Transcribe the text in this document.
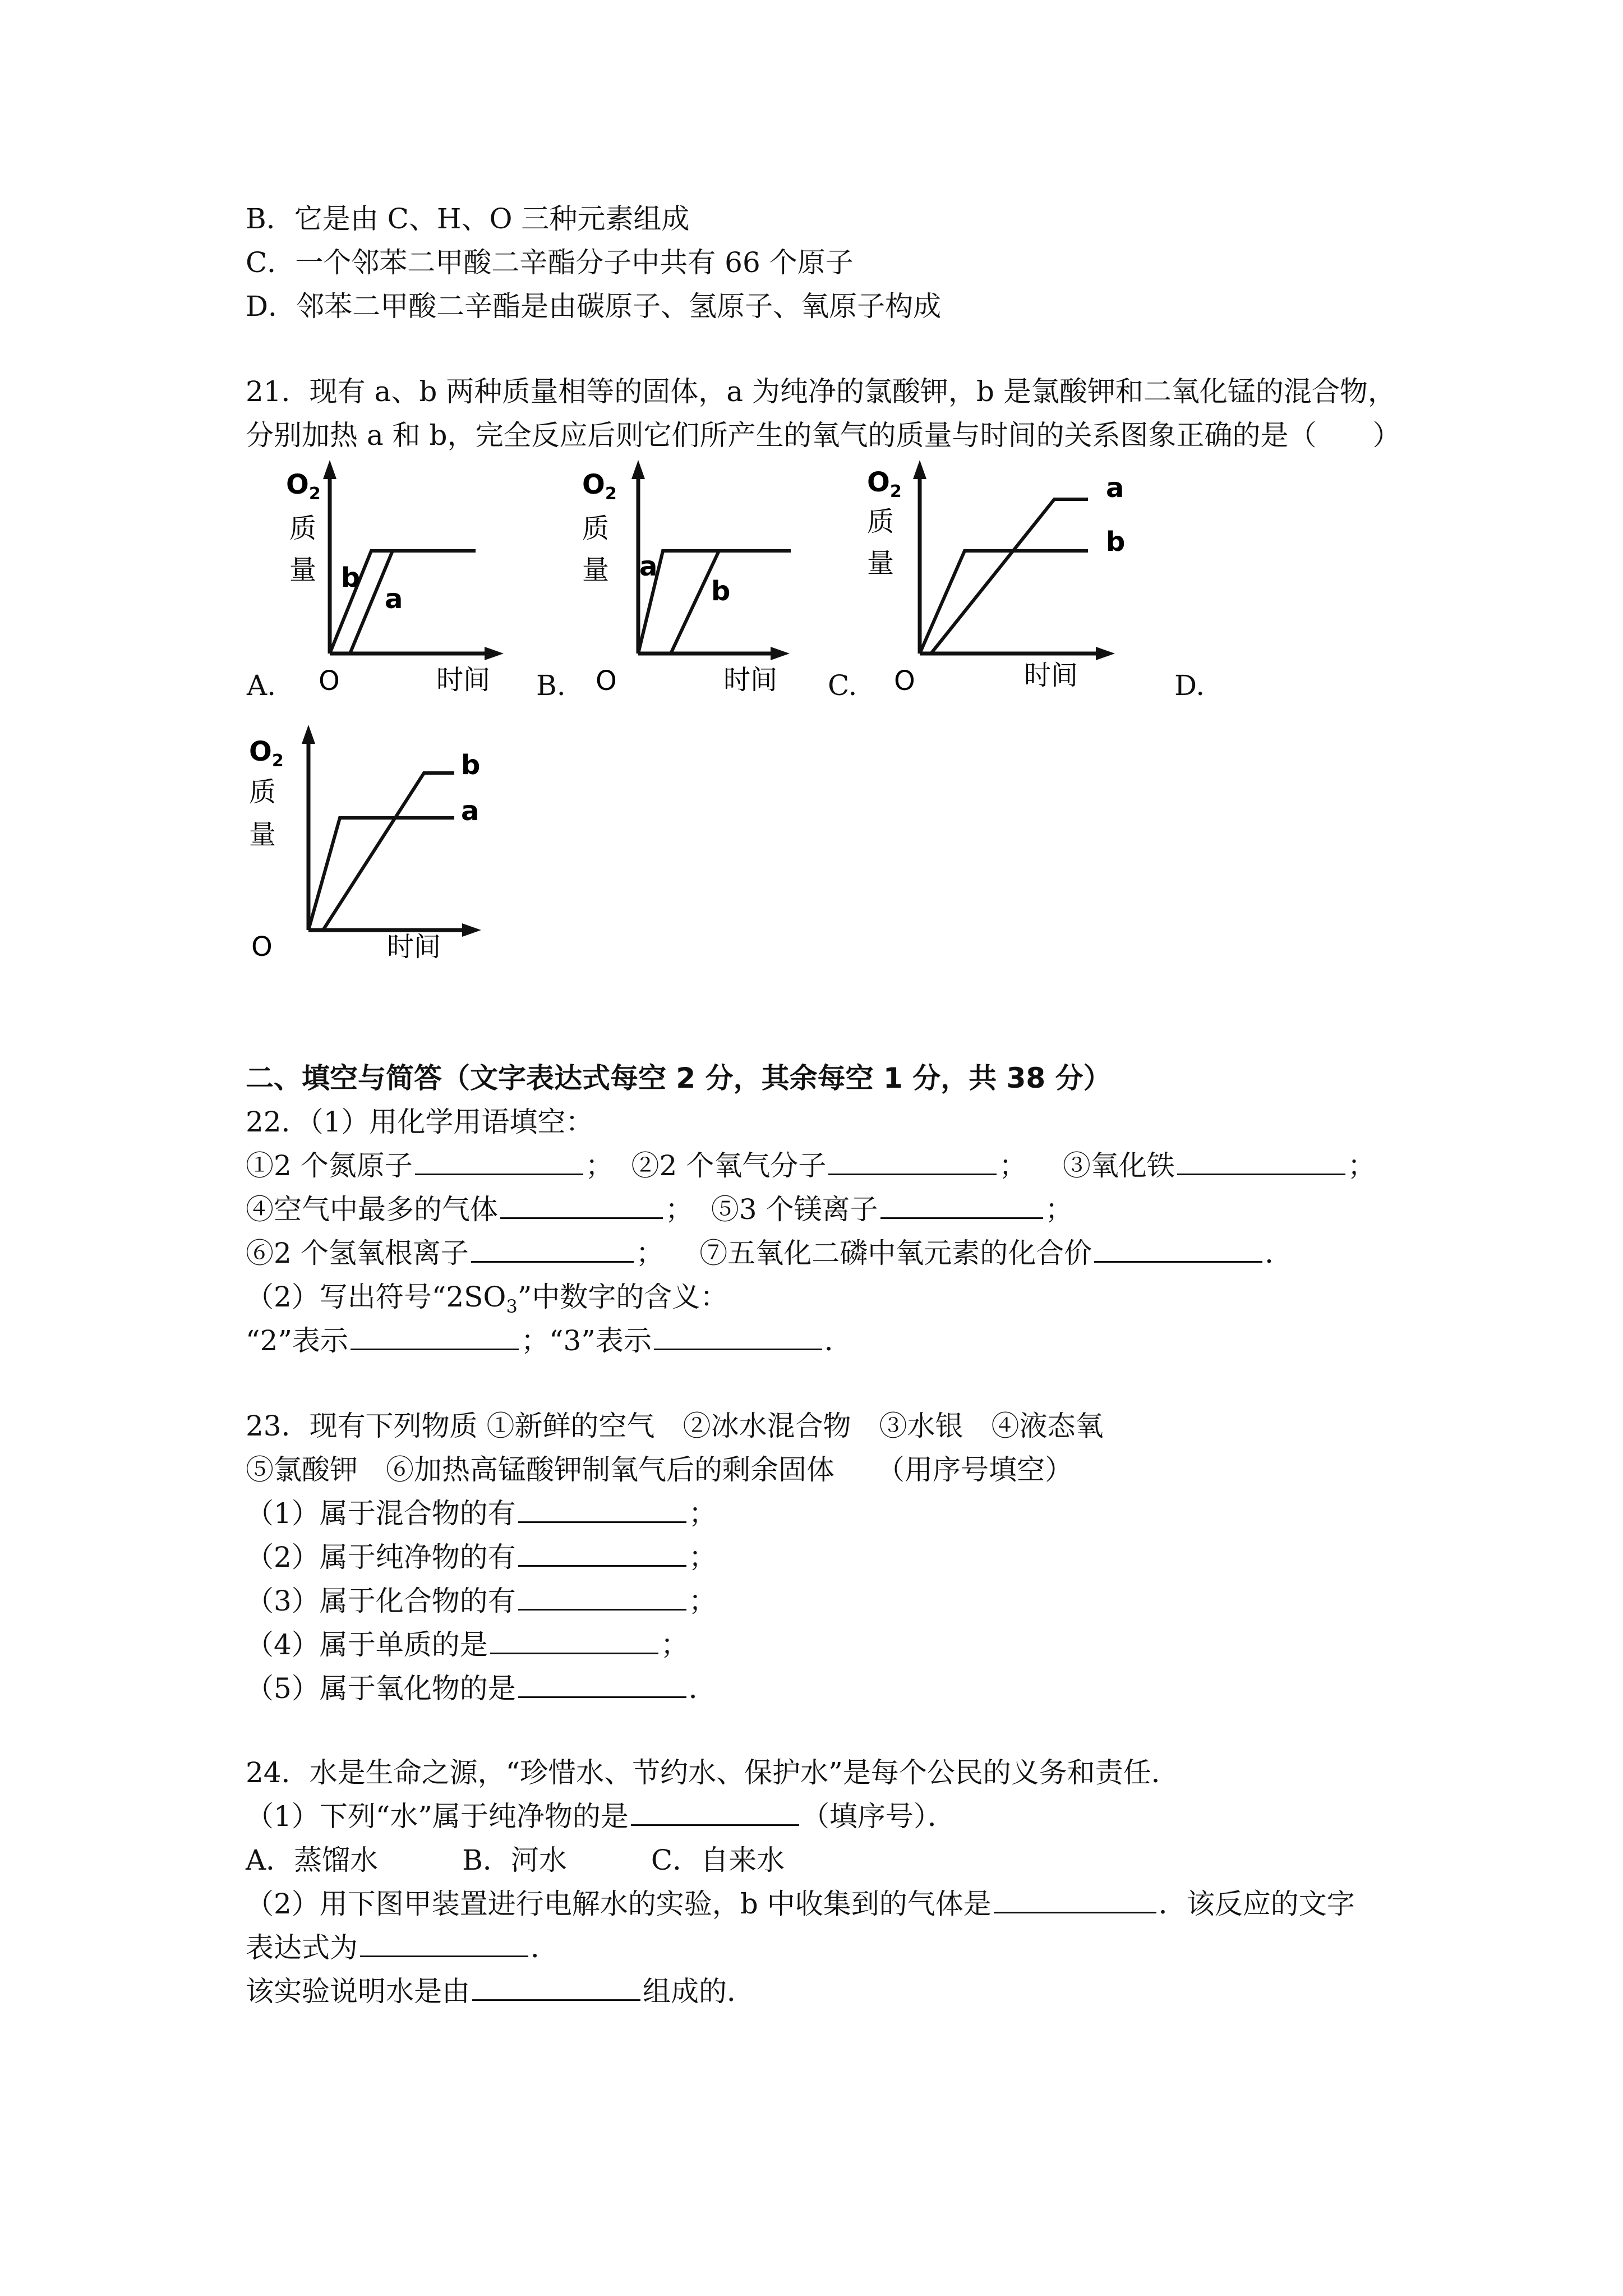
B．它是由 C、H、O 三种元素组成
C．一个邻苯二甲酸二辛酯分子中共有 66 个原子
D．邻苯二甲酸二辛酯是由碳原子、氢原子、氧原子构成
21．现有 a、b 两种质量相等的固体，a 为纯净的氯酸钾，b 是氯酸钾和二氧化锰的混合物，
分别加热 a 和 b，完全反应后则它们所产生的氧气的质量与时间的关系图象正确的是（　　）
$O_2$
质
量 b
a
O	时间
A.
$O_2$
质
量 a
b
O	时间
B.
$O_2$
质
量
a
b
O	时间
C.	D.
$O_2$
质
量
b
a
O	时间
二、填空与简答（文字表达式每空 2 分，其余每空 1 分，共 38 分）
22．（1）用化学用语填空：
①2 个氮原子	； ②2 个氧气分子	； ③氧化铁	；
④空气中最多的气体	； ⑤3 个镁离子	；
⑥2 个氢氧根离子	； ⑦五氧化二磷中氧元素的化合价	．
（2）写出符号“$2SO_3$”中数字的含义：
“2”表示	；“3”表示	．
23．现有下列物质 ①新鲜的空气　②冰水混合物　③水银　④液态氧
⑤氯酸钾　⑥加热高锰酸钾制氧气后的剩余固体　　（用序号填空）
（1）属于混合物的有	；
（2）属于纯净物的有	；
（3）属于化合物的有	；
（4）属于单质的是	；
（5）属于氧化物的是	．
24．水是生命之源，“珍惜水、节约水、保护水”是每个公民的义务和责任．
（1）下列“水”属于纯净物的是	（填序号）．
A．蒸馏水　　　B．河水　　　C．自来水
（2）用下图甲装置进行电解水的实验，b 中收集到的气体是	．该反应的文字
表达式为	．
该实验说明水是由	组成的．
